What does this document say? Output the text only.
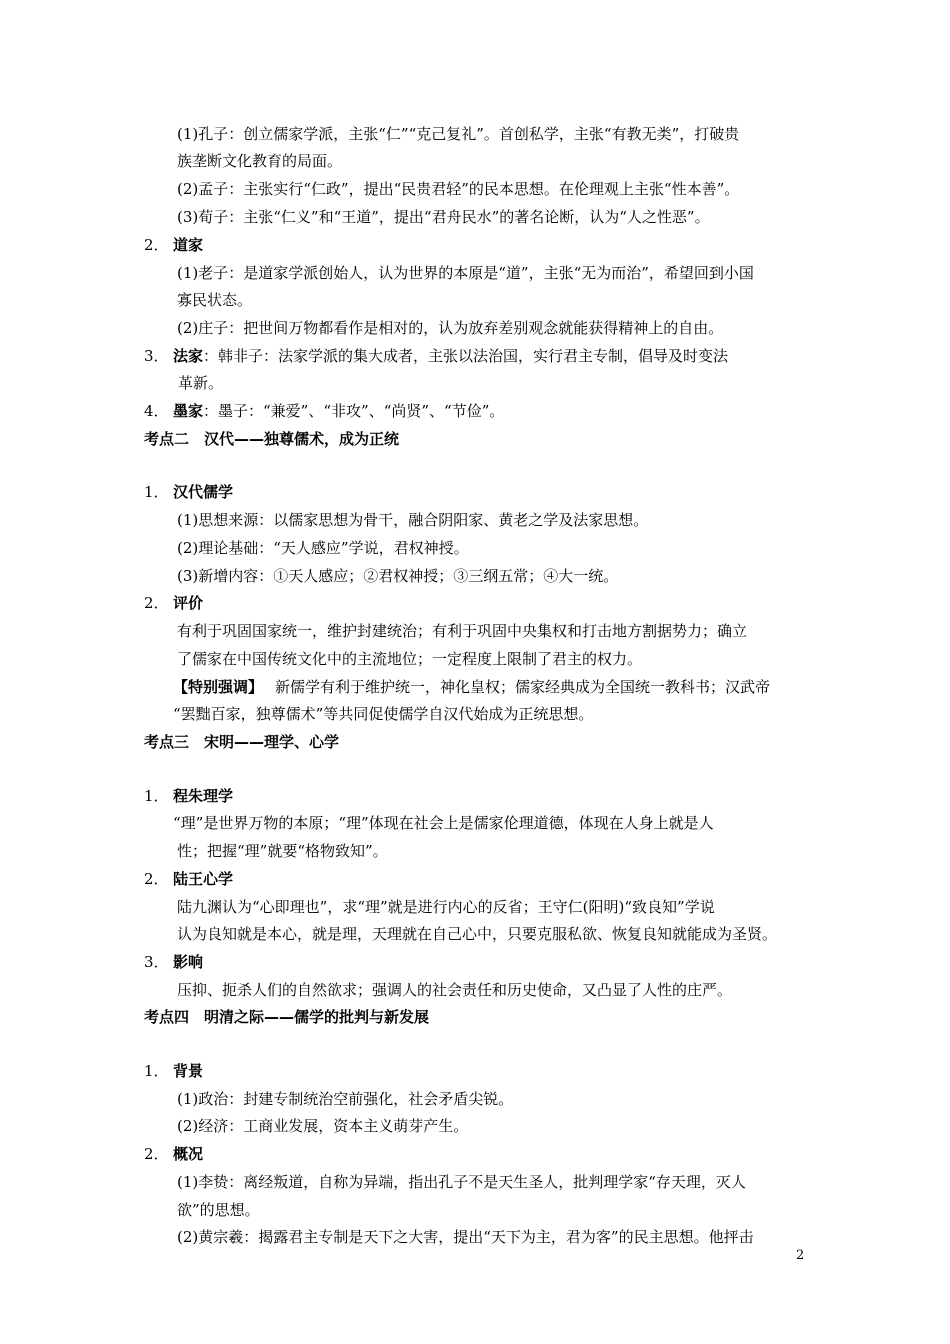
(1)孔子：创立儒家学派，主张“仁”“克己复礼”。首创私学，主张“有教无类”，打破贵
族垄断文化教育的局面。
(2)孟子：主张实行“仁政”，提出“民贵君轻”的民本思想。在伦理观上主张“性本善”。
(3)荀子：主张“仁义”和“王道”，提出“君舟民水”的著名论断，认为“人之性恶”。
2． 道家
(1)老子：是道家学派创始人，认为世界的本原是“道”，主张“无为而治”，希望回到小国
寡民状态。
(2)庄子：把世间万物都看作是相对的，认为放弃差别观念就能获得精神上的自由。
3． 法家：韩非子：法家学派的集大成者，主张以法治国，实行君主专制，倡导及时变法
革新。
4． 墨家：墨子：“兼爱”、“非攻”、“尚贤”、“节俭”。
考点二　汉代——独尊儒术，成为正统
1． 汉代儒学
(1)思想来源：以儒家思想为骨干，融合阴阳家、黄老之学及法家思想。
(2)理论基础：“天人感应”学说，君权神授。
(3)新增内容：①天人感应；②君权神授；③三纲五常；④大一统。
2． 评价
有利于巩固国家统一，维护封建统治；有利于巩固中央集权和打击地方割据势力；确立
了儒家在中国传统文化中的主流地位；一定程度上限制了君主的权力。
【特别强调】 新儒学有利于维护统一，神化皇权；儒家经典成为全国统一教科书；汉武帝
“罢黜百家，独尊儒术”等共同促使儒学自汉代始成为正统思想。
考点三　宋明——理学、心学
1． 程朱理学
“理”是世界万物的本原；“理”体现在社会上是儒家伦理道德，体现在人身上就是人
性；把握“理”就要“格物致知”。
2． 陆王心学
陆九渊认为“心即理也”，求“理”就是进行内心的反省；王守仁(阳明)“致良知”学说
认为良知就是本心，就是理，天理就在自己心中，只要克服私欲、恢复良知就能成为圣贤。
3． 影响
压抑、扼杀人们的自然欲求；强调人的社会责任和历史使命，又凸显了人性的庄严。
考点四　明清之际——儒学的批判与新发展
1． 背景
(1)政治：封建专制统治空前强化，社会矛盾尖锐。
(2)经济：工商业发展，资本主义萌芽产生。
2． 概况
(1)李贽：离经叛道，自称为异端，指出孔子不是天生圣人，批判理学家“存天理，灭人
欲”的思想。
(2)黄宗羲：揭露君主专制是天下之大害，提出“天下为主，君为客”的民主思想。他抨击
2
